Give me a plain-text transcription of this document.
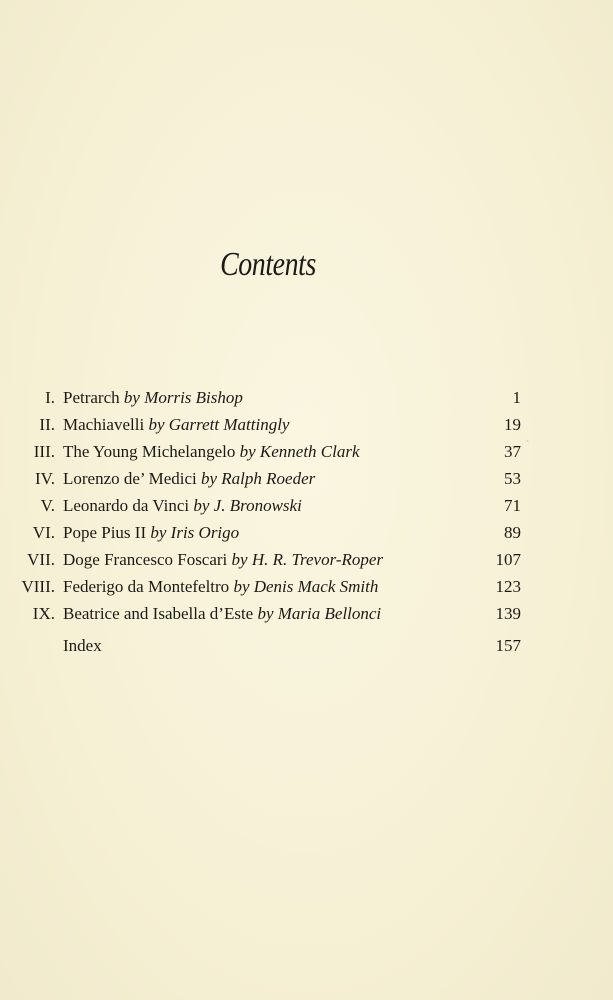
Contents
I. Petrarch by Morris Bishop	1
II. Machiavelli by Garrett Mattingly	19
III. The Young Michelangelo by Kenneth Clark	37
IV. Lorenzo de’ Medici by Ralph Roeder	53
V. Leonardo da Vinci by J. Bronowski	71
VI. Pope Pius II by Iris Origo	89
VII. Doge Francesco Foscari by H. R. Trevor-Roper	107
VIII. Federigo da Montefeltro by Denis Mack Smith	123
IX. Beatrice and Isabella d’Este by Maria Bellonci	139
Index	157
ˋ
